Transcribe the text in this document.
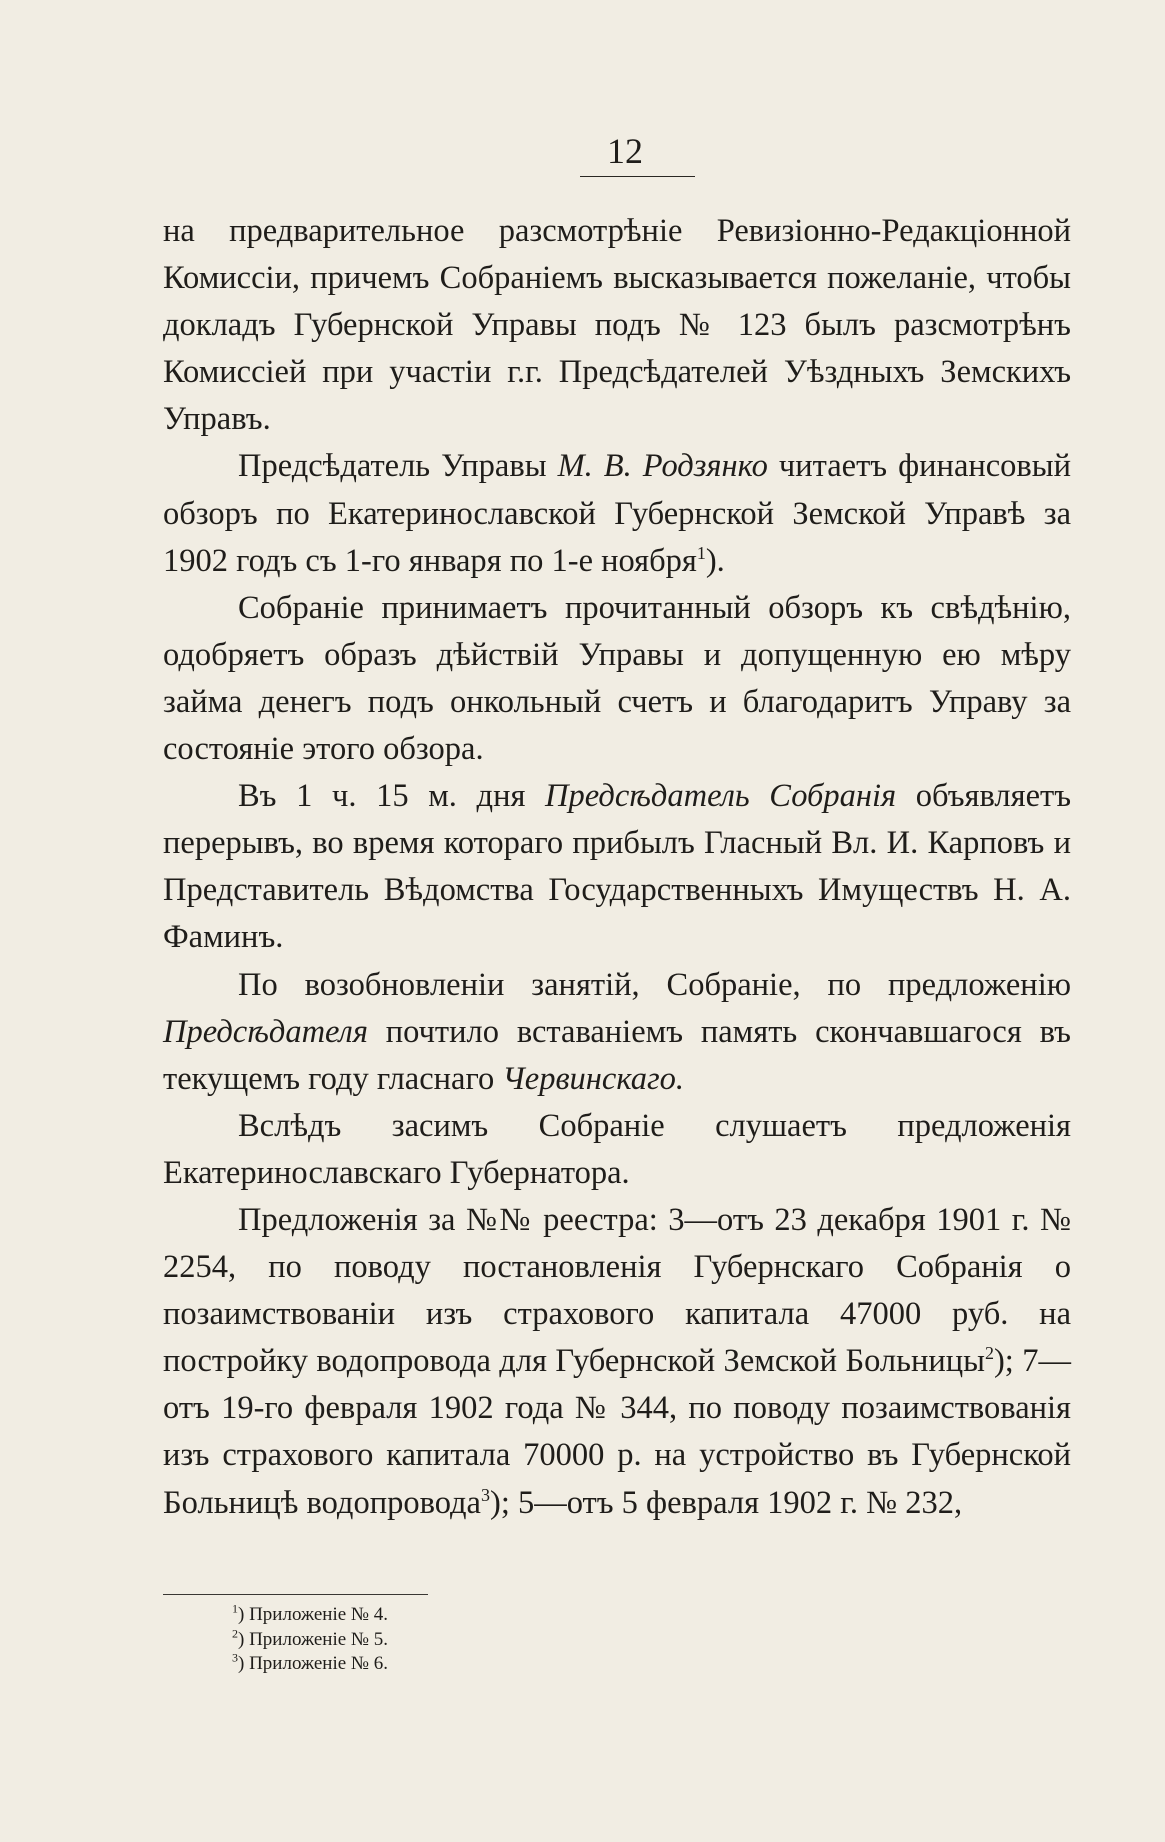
12

на предварительное разсмотрѣніе Ревизіонно-Редакціонной Комиссіи, причемъ Собраніемъ высказывается пожеланіе, чтобы докладъ Губернской Управы подъ № 123 былъ разсмотрѣнъ Комиссіей при участіи г.г. Предсѣдателей Уѣздныхъ Земскихъ Управъ.

Предсѣдатель Управы М. В. Родзянко читаетъ финансовый обзоръ по Екатеринославской Губернской Земской Управѣ за 1902 годъ съ 1-го января по 1-е ноября$^1$).

Собраніе принимаетъ прочитанный обзоръ къ свѣдѣнію, одобряетъ образъ дѣйствій Управы и допущенную ею мѣру займа денегъ подъ онкольный счетъ и благодаритъ Управу за состояніе этого обзора.

Въ 1 ч. 15 м. дня Предсѣдатель Собранія объявляетъ перерывъ, во время котораго прибылъ Гласный Вл. И. Карповъ и Представитель Вѣдомства Государственныхъ Имуществъ Н. А. Фаминъ.

По возобновленіи занятій, Собраніе, по предложенію Предсѣдателя почтило вставаніемъ память скончавшагося въ текущемъ году гласнаго Червинскаго.

Вслѣдъ засимъ Собраніе слушаетъ предложенія Екатеринославскаго Губернатора.

Предложенія за №№ реестра: 3—отъ 23 декабря 1901 г. № 2254, по поводу постановленія Губернскаго Собранія о позаимствованіи изъ страхового капитала 47000 руб. на постройку водопровода для Губернской Земской Больницы$^2$); 7—отъ 19-го февраля 1902 года № 344, по поводу позаимствованія изъ страхового капитала 70000 р. на устройство въ Губернской Больницѣ водопровода$^3$); 5—отъ 5 февраля 1902 г. № 232,

$^1$) Приложеніе № 4.
$^2$) Приложеніе № 5.
$^3$) Приложеніе № 6.
